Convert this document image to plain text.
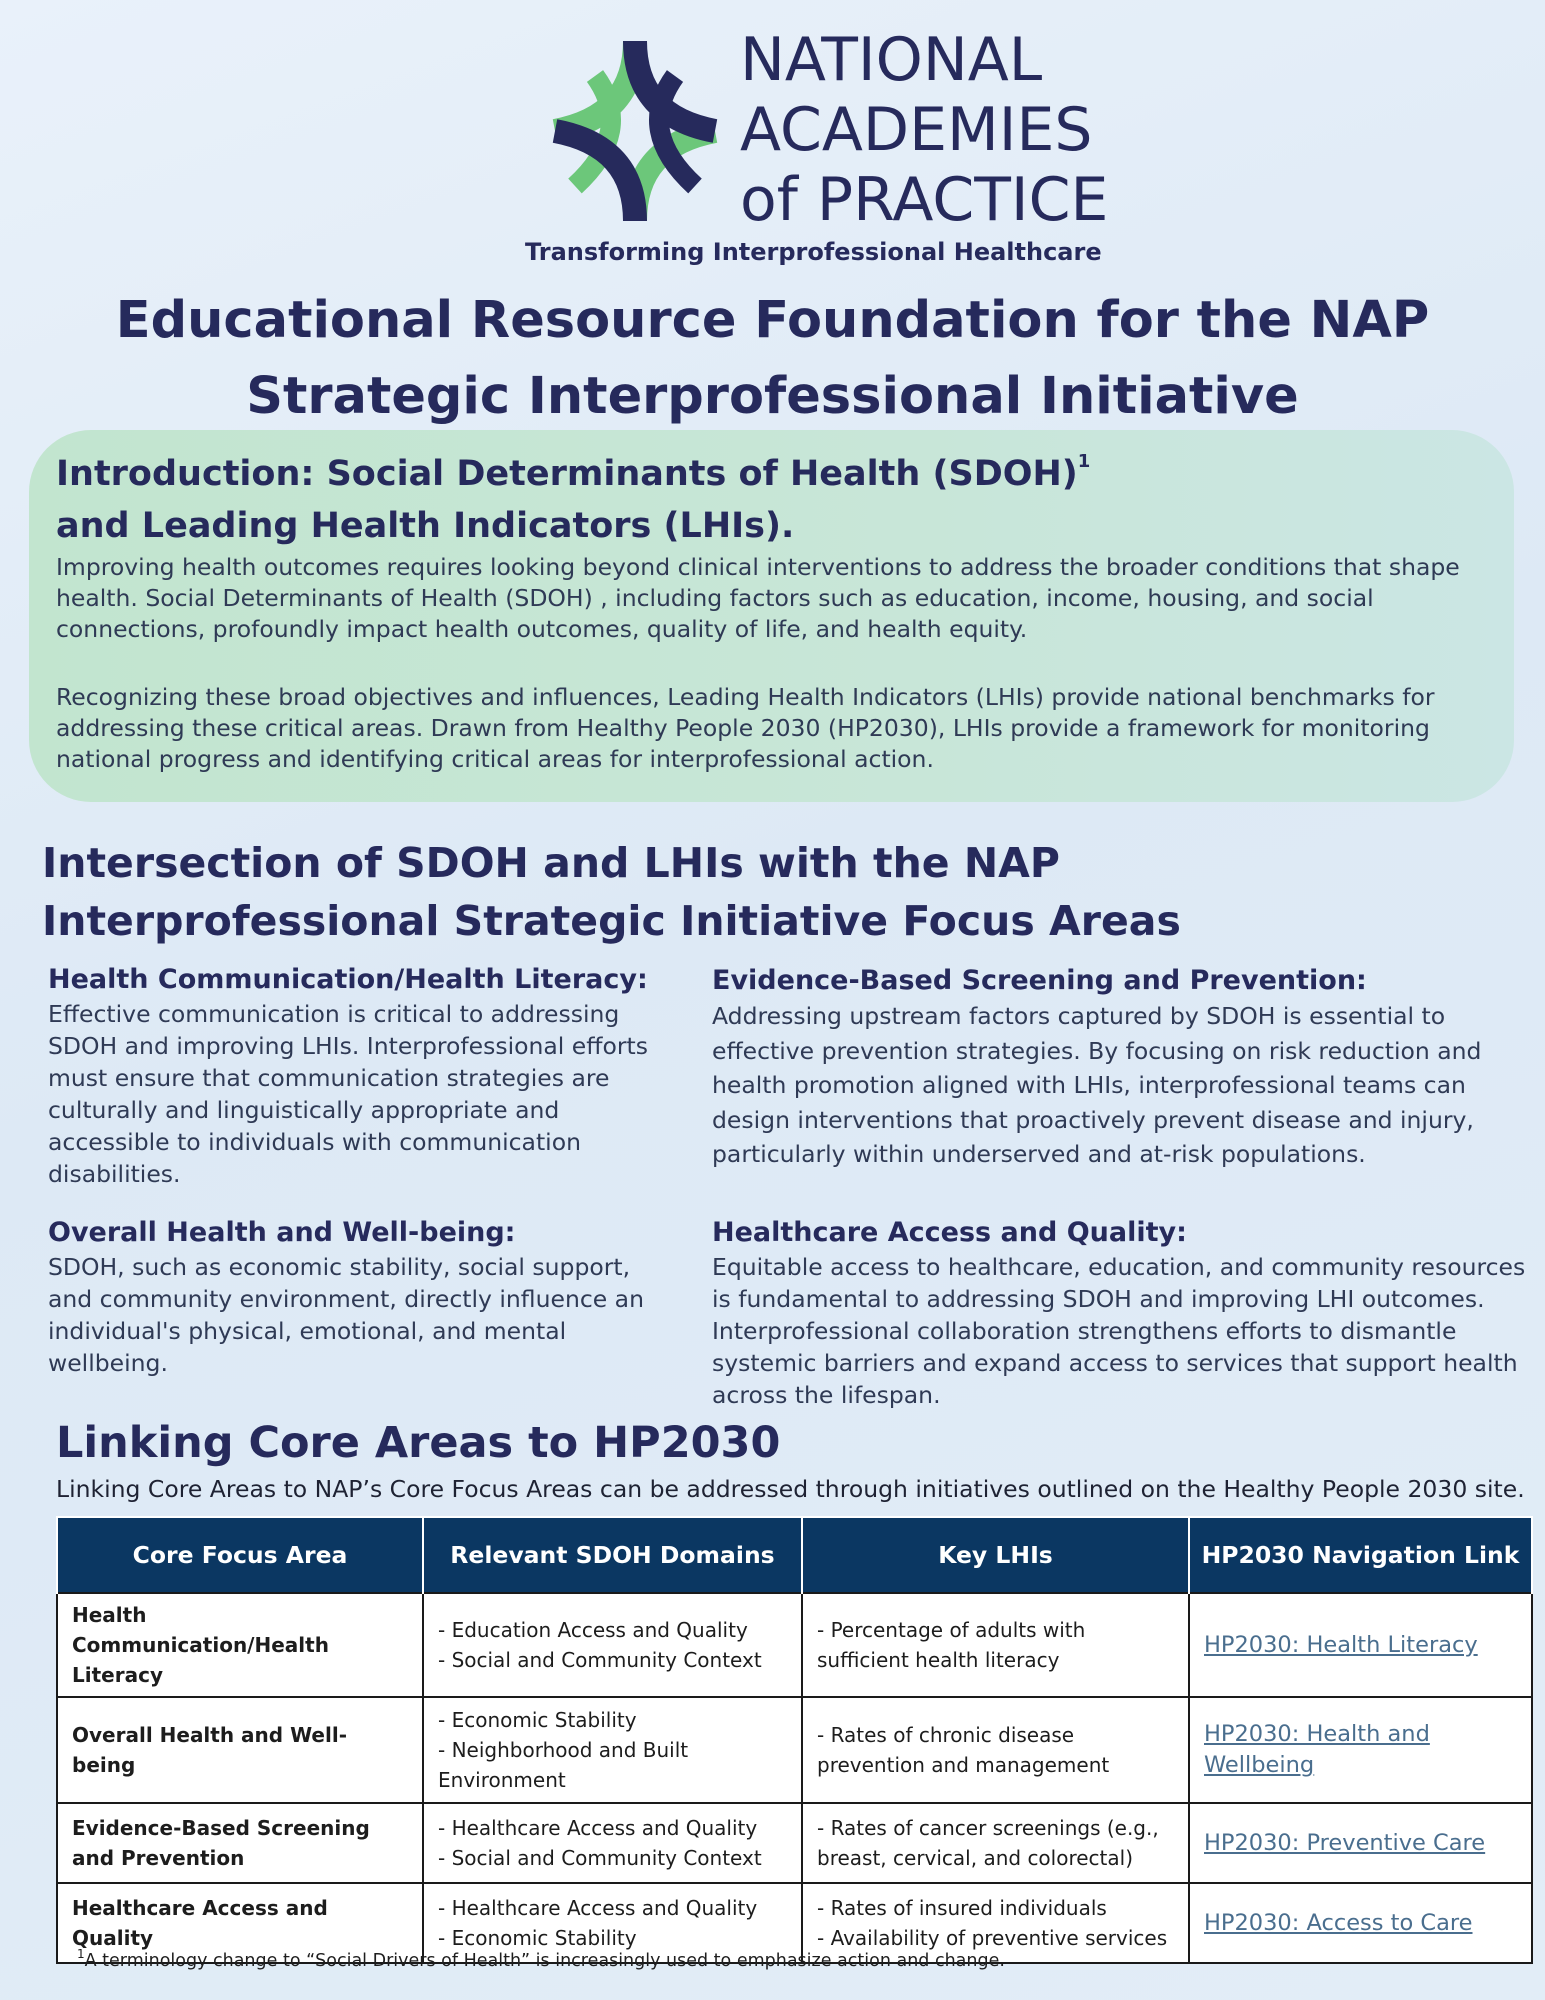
NATIONAL
ACADEMIES
of PRACTICE
Transforming Interprofessional Healthcare
Educational Resource Foundation for the NAP Strategic Interprofessional Initiative
Introduction: Social Determinants of Health (SDOH)$^1$
and Leading Health Indicators (LHIs).

Improving health outcomes requires looking beyond clinical interventions to address the broader conditions that shape health. Social Determinants of Health (SDOH) , including factors such as education, income, housing, and social connections, profoundly impact health outcomes, quality of life, and health equity.

Recognizing these broad objectives and influences, Leading Health Indicators (LHIs) provide national benchmarks for addressing these critical areas. Drawn from Healthy People 2030 (HP2030), LHIs provide a framework for monitoring national progress and identifying critical areas for interprofessional action.

Intersection of SDOH and LHIs with the NAP Interprofessional Strategic Initiative Focus Areas
Health Communication/Health Literacy:

Effective communication is critical to addressing SDOH and improving LHIs. Interprofessional efforts must ensure that communication strategies are culturally and linguistically appropriate and accessible to individuals with communication disabilities.

Evidence-Based Screening and Prevention:

Addressing upstream factors captured by SDOH is essential to effective prevention strategies. By focusing on risk reduction and health promotion aligned with LHIs, interprofessional teams can design interventions that proactively prevent disease and injury, particularly within underserved and at-risk populations.

Overall Health and Well-being:

SDOH, such as economic stability, social support, and community environment, directly influence an individual's physical, emotional, and mental wellbeing.

Healthcare Access and Quality:

Equitable access to healthcare, education, and community resources is fundamental to addressing SDOH and improving LHI outcomes. Interprofessional collaboration strengthens efforts to dismantle systemic barriers and expand access to services that support health across the lifespan.

Linking Core Areas to HP2030

Linking Core Areas to NAP’s Core Focus Areas can be addressed through initiatives outlined on the Healthy People 2030 site.

Core Focus Area	Relevant SDOH Domains	Key LHIs	HP2030 Navigation Link
Health Communication/Health Literacy	- Education Access and Quality
- Social and Community Context	- Percentage of adults with sufficient health literacy	HP2030: Health Literacy
Overall Health and Well-being	- Economic Stability
- Neighborhood and Built Environment	- Rates of chronic disease prevention and management	HP2030: Health and Wellbeing
Evidence-Based Screening and Prevention	- Healthcare Access and Quality
- Social and Community Context	- Rates of cancer screenings (e.g., breast, cervical, and colorectal)	HP2030: Preventive Care
Healthcare Access and Quality	- Healthcare Access and Quality
- Economic Stability	- Rates of insured individuals
- Availability of preventive services	HP2030: Access to Care

$^1$A terminology change to “Social Drivers of Health” is increasingly used to emphasize action and change.
